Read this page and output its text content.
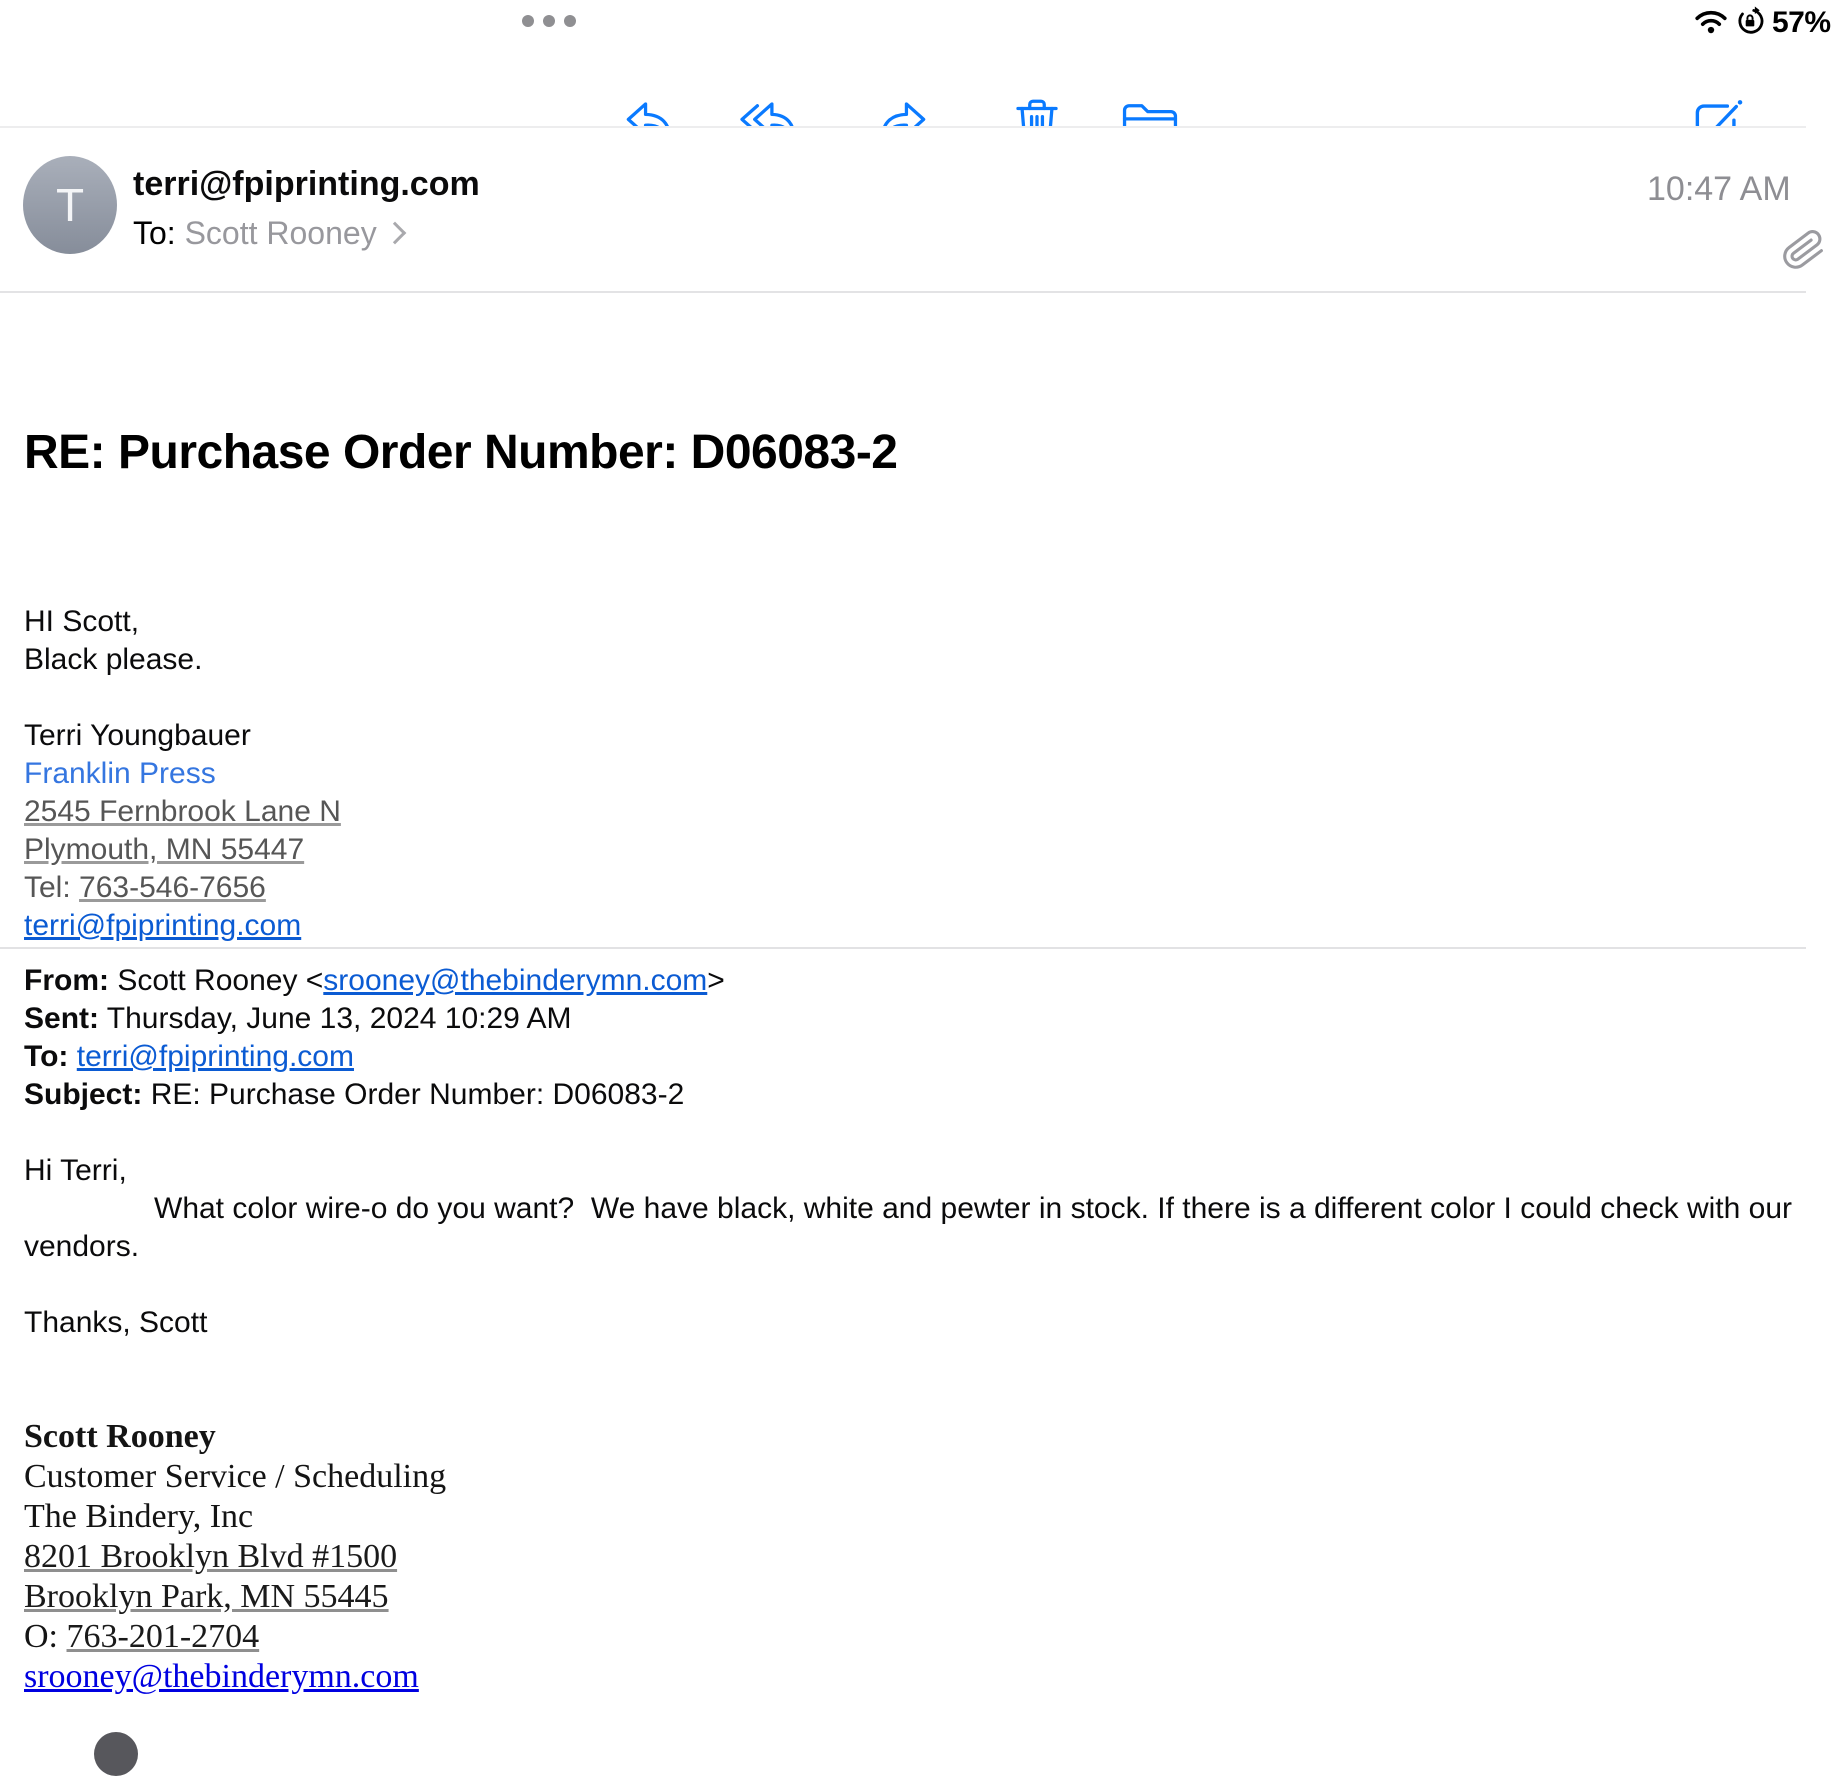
57%
T terri@fpiprinting.com
To: Scott Rooney
10:47 AM
RE: Purchase Order Number: D06083-2
HI Scott,
Black please.
Terri Youngbauer
Franklin Press
2545 Fernbrook Lane N
Plymouth, MN 55447
Tel: 763-546-7656
terri@fpiprinting.com
From: Scott Rooney <srooney@thebinderymn.com>
Sent: Thursday, June 13, 2024 10:29 AM
To: terri@fpiprinting.com
Subject: RE: Purchase Order Number: D06083-2
Hi Terri,
What color wire-o do you want?  We have black, white and pewter in stock. If there is a different color I could check with our
vendors.
Thanks, Scott
Scott Rooney
Customer Service / Scheduling
The Bindery, Inc
8201 Brooklyn Blvd #1500
Brooklyn Park, MN 55445
O: 763-201-2704
srooney@thebinderymn.com
